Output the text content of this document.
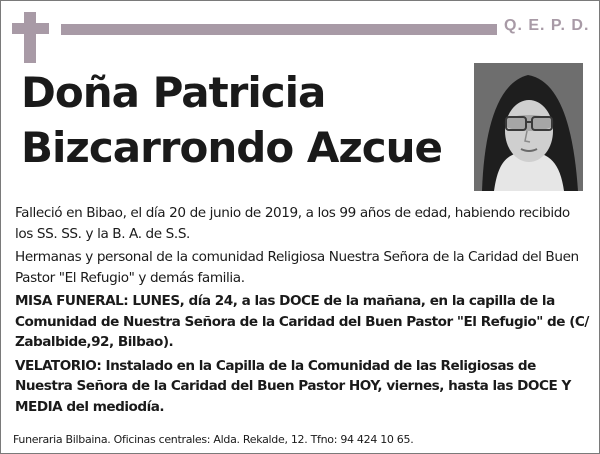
Q. E. P. D.
Doña Patricia
Bizcarrondo Azcue

Falleció en Bibao, el día 20 de junio de 2019, a los 99 años de edad, habiendo recibido los SS. SS. y la B. A. de S.S.

Hermanas y personal de la comunidad Religiosa Nuestra Señora de la Caridad del Buen Pastor "El Refugio" y demás familia.

MISA FUNERAL: LUNES, día 24, a las DOCE de la mañana, en la capilla de la Comunidad de Nuestra Señora de la Caridad del Buen Pastor "El Refugio" de (C/ Zabalbide,92, Bilbao).

VELATORIO: Instalado en la Capilla de la Comunidad de las Religiosas de Nuestra Señora de la Caridad del Buen Pastor HOY, viernes, hasta las DOCE Y MEDIA del mediodía.

Funeraria Bilbaina. Oficinas centrales: Alda. Rekalde, 12. Tfno: 94 424 10 65.
